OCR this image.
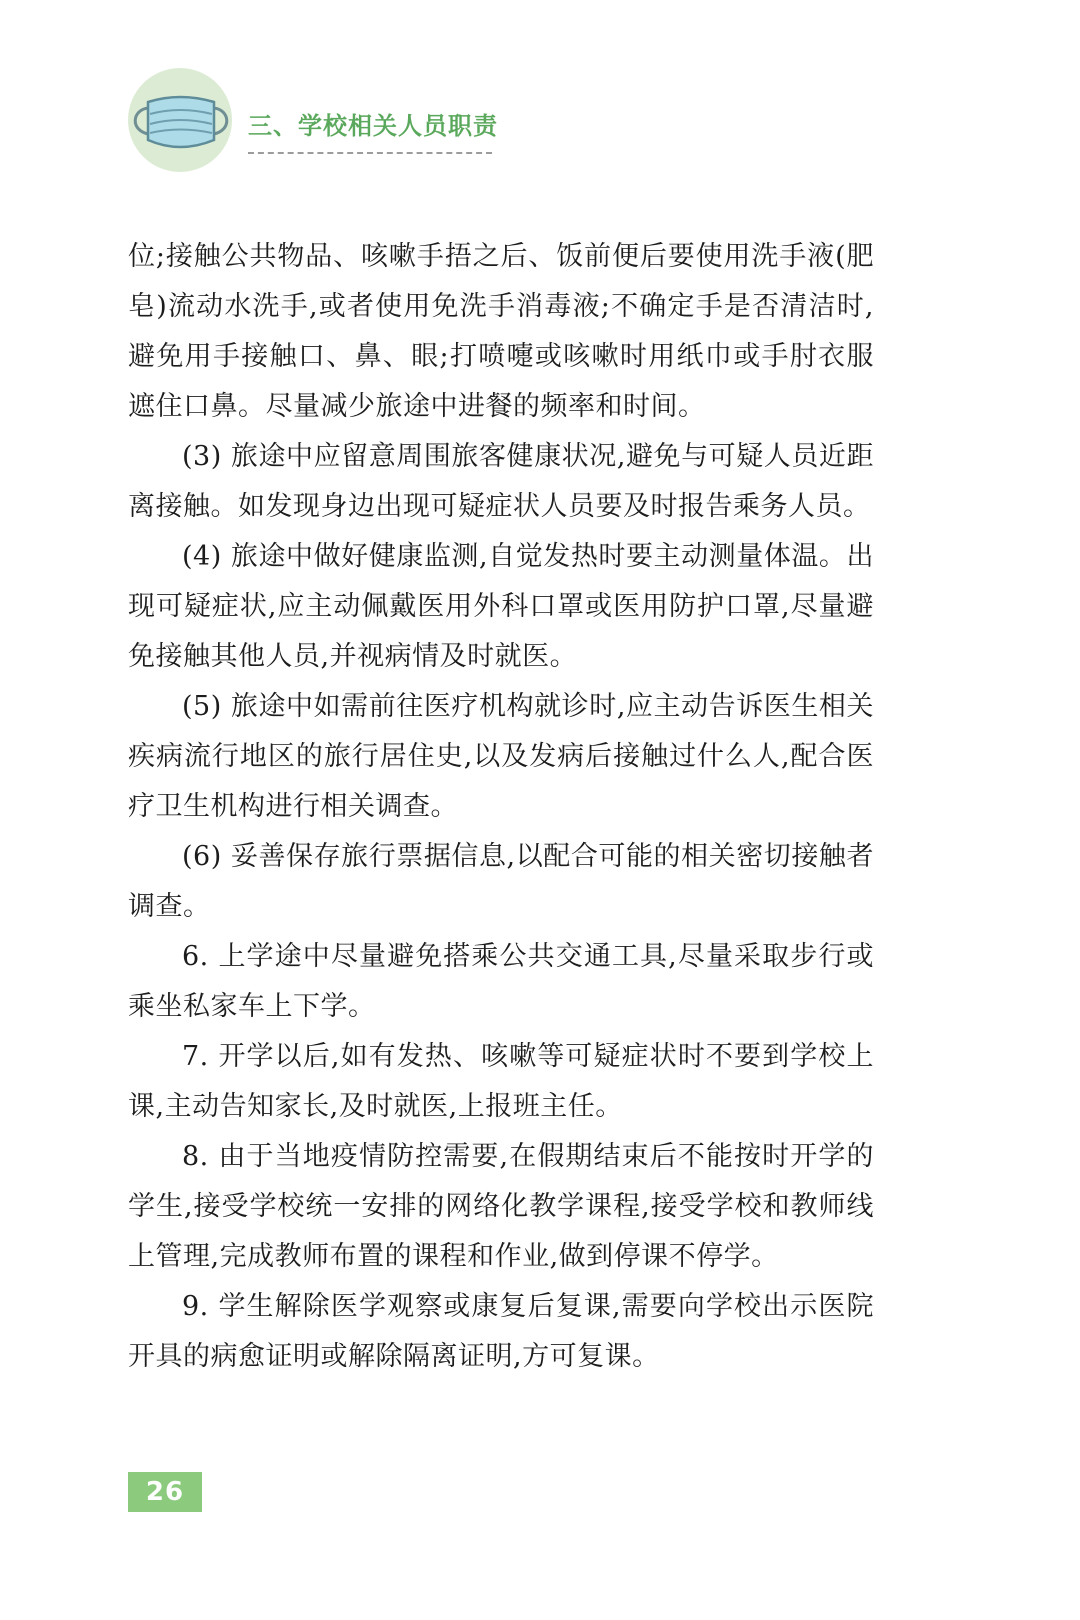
三、学校相关人员职责

位;接触公共物品、咳嗽手捂之后、饭前便后要使用洗手液(肥皂)流动水洗手,或者使用免洗手消毒液;不确定手是否清洁时,避免用手接触口、鼻、眼;打喷嚏或咳嗽时用纸巾或手肘衣服遮住口鼻。尽量减少旅途中进餐的频率和时间。

(3) 旅途中应留意周围旅客健康状况,避免与可疑人员近距离接触。如发现身边出现可疑症状人员要及时报告乘务人员。

(4) 旅途中做好健康监测,自觉发热时要主动测量体温。出现可疑症状,应主动佩戴医用外科口罩或医用防护口罩,尽量避免接触其他人员,并视病情及时就医。

(5) 旅途中如需前往医疗机构就诊时,应主动告诉医生相关疾病流行地区的旅行居住史,以及发病后接触过什么人,配合医疗卫生机构进行相关调查。

(6) 妥善保存旅行票据信息,以配合可能的相关密切接触者调查。

6. 上学途中尽量避免搭乘公共交通工具,尽量采取步行或乘坐私家车上下学。

7. 开学以后,如有发热、咳嗽等可疑症状时不要到学校上课,主动告知家长,及时就医,上报班主任。

8. 由于当地疫情防控需要,在假期结束后不能按时开学的学生,接受学校统一安排的网络化教学课程,接受学校和教师线上管理,完成教师布置的课程和作业,做到停课不停学。

9. 学生解除医学观察或康复后复课,需要向学校出示医院开具的病愈证明或解除隔离证明,方可复课。

26
